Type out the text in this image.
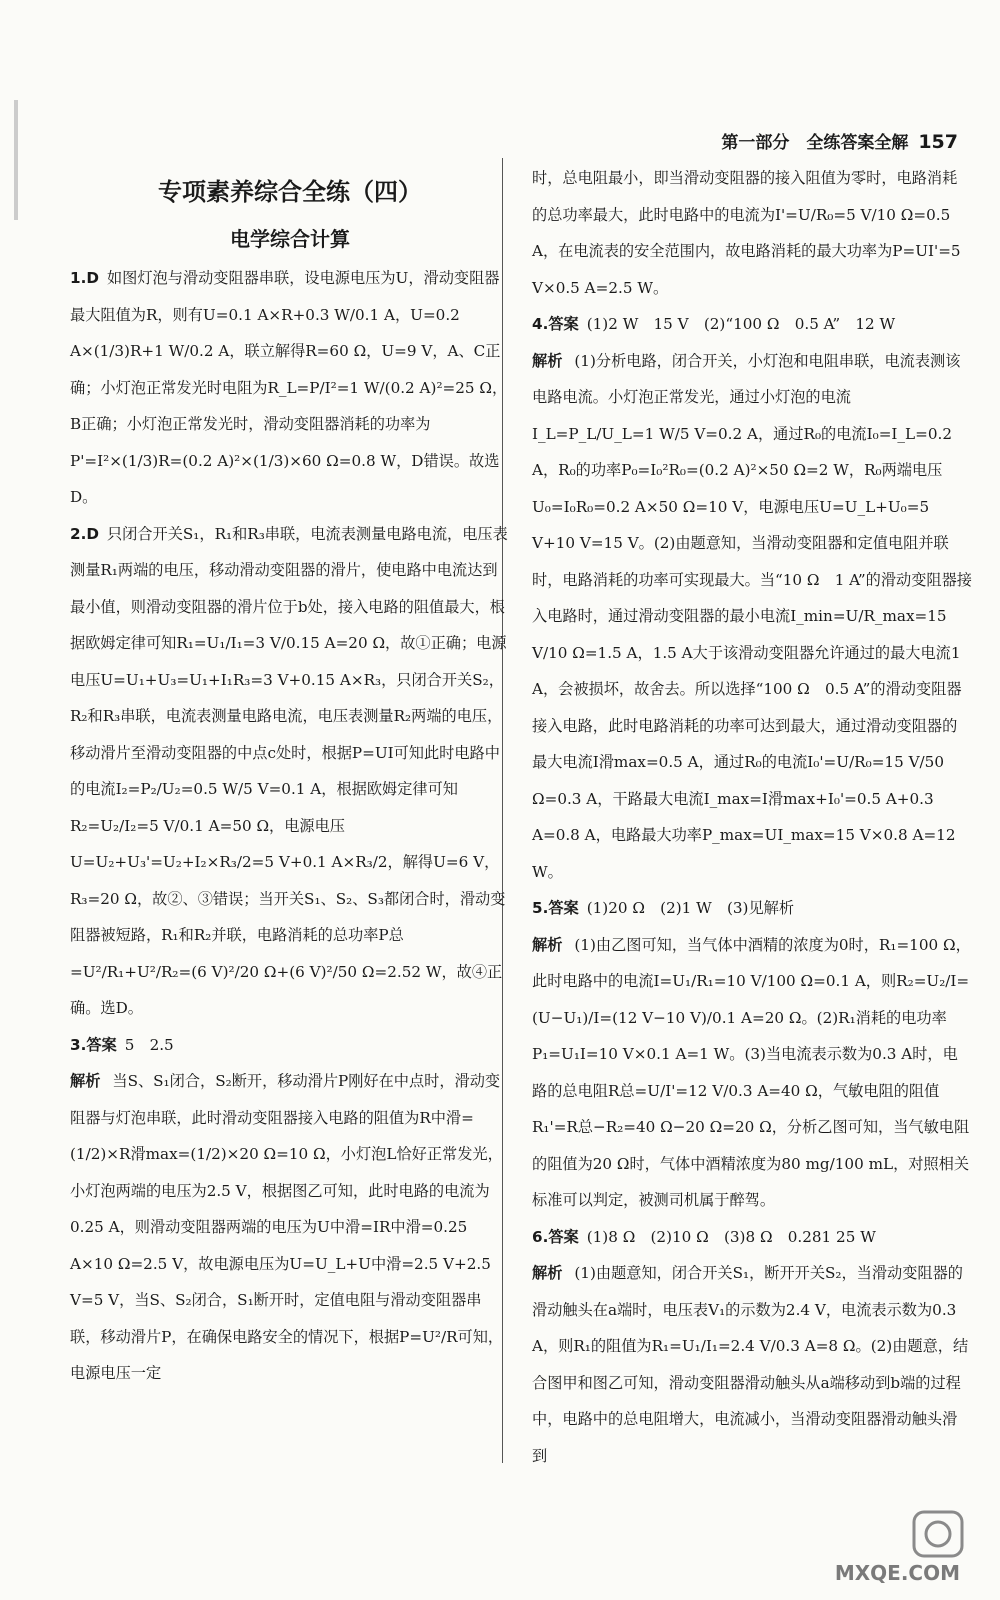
第一部分　全练答案全解 157
专项素养综合全练（四）
电学综合计算

1.D 如图灯泡与滑动变阻器串联，设电源电压为U，滑动变阻器最大阻值为R，则有U=0.1 A×R+0.3 W/0.1 A，U=0.2 A×(1/3)R+1 W/0.2 A，联立解得R=60 Ω，U=9 V，A、C正确；小灯泡正常发光时电阻为R_L=P/I²=1 W/(0.2 A)²=25 Ω，B正确；小灯泡正常发光时，滑动变阻器消耗的功率为P'=I²×(1/3)R=(0.2 A)²×(1/3)×60 Ω=0.8 W，D错误。故选D。

2.D 只闭合开关S₁，R₁和R₃串联，电流表测量电路电流，电压表测量R₁两端的电压，移动滑动变阻器的滑片，使电路中电流达到最小值，则滑动变阻器的滑片位于b处，接入电路的阻值最大，根据欧姆定律可知R₁=U₁/I₁=3 V/0.15 A=20 Ω，故①正确；电源电压U=U₁+U₃=U₁+I₁R₃=3 V+0.15 A×R₃，只闭合开关S₂，R₂和R₃串联，电流表测量电路电流，电压表测量R₂两端的电压，移动滑片至滑动变阻器的中点c处时，根据P=UI可知此时电路中的电流I₂=P₂/U₂=0.5 W/5 V=0.1 A，根据欧姆定律可知R₂=U₂/I₂=5 V/0.1 A=50 Ω，电源电压U=U₂+U₃'=U₂+I₂×R₃/2=5 V+0.1 A×R₃/2，解得U=6 V，R₃=20 Ω，故②、③错误；当开关S₁、S₂、S₃都闭合时，滑动变阻器被短路，R₁和R₂并联，电路消耗的总功率P总=U²/R₁+U²/R₂=(6 V)²/20 Ω+(6 V)²/50 Ω=2.52 W，故④正确。选D。

3.答案 5　2.5

解析 当S、S₁闭合，S₂断开，移动滑片P刚好在中点时，滑动变阻器与灯泡串联，此时滑动变阻器接入电路的阻值为R中滑=(1/2)×R滑max=(1/2)×20 Ω=10 Ω，小灯泡L恰好正常发光，小灯泡两端的电压为2.5 V，根据图乙可知，此时电路的电流为0.25 A，则滑动变阻器两端的电压为U中滑=IR中滑=0.25 A×10 Ω=2.5 V，故电源电压为U=U_L+U中滑=2.5 V+2.5 V=5 V，当S、S₂闭合，S₁断开时，定值电阻与滑动变阻器串联，移动滑片P，在确保电路安全的情况下，根据P=U²/R可知，电源电压一定

时，总电阻最小，即当滑动变阻器的接入阻值为零时，电路消耗的总功率最大，此时电路中的电流为I'=U/R₀=5 V/10 Ω=0.5 A，在电流表的安全范围内，故电路消耗的最大功率为P=UI'=5 V×0.5 A=2.5 W。

4.答案 (1)2 W　15 V　(2)“100 Ω　0.5 A”　12 W

解析 (1)分析电路，闭合开关，小灯泡和电阻串联，电流表测该电路电流。小灯泡正常发光，通过小灯泡的电流I_L=P_L/U_L=1 W/5 V=0.2 A，通过R₀的电流I₀=I_L=0.2 A，R₀的功率P₀=I₀²R₀=(0.2 A)²×50 Ω=2 W，R₀两端电压U₀=I₀R₀=0.2 A×50 Ω=10 V，电源电压U=U_L+U₀=5 V+10 V=15 V。(2)由题意知，当滑动变阻器和定值电阻并联时，电路消耗的功率可实现最大。当“10 Ω　1 A”的滑动变阻器接入电路时，通过滑动变阻器的最小电流I_min=U/R_max=15 V/10 Ω=1.5 A，1.5 A大于该滑动变阻器允许通过的最大电流1 A，会被损坏，故舍去。所以选择“100 Ω　0.5 A”的滑动变阻器接入电路，此时电路消耗的功率可达到最大，通过滑动变阻器的最大电流I滑max=0.5 A，通过R₀的电流I₀'=U/R₀=15 V/50 Ω=0.3 A，干路最大电流I_max=I滑max+I₀'=0.5 A+0.3 A=0.8 A，电路最大功率P_max=UI_max=15 V×0.8 A=12 W。

5.答案 (1)20 Ω　(2)1 W　(3)见解析

解析 (1)由乙图可知，当气体中酒精的浓度为0时，R₁=100 Ω，此时电路中的电流I=U₁/R₁=10 V/100 Ω=0.1 A，则R₂=U₂/I=(U−U₁)/I=(12 V−10 V)/0.1 A=20 Ω。(2)R₁消耗的电功率P₁=U₁I=10 V×0.1 A=1 W。(3)当电流表示数为0.3 A时，电路的总电阻R总=U/I'=12 V/0.3 A=40 Ω，气敏电阻的阻值R₁'=R总−R₂=40 Ω−20 Ω=20 Ω，分析乙图可知，当气敏电阻的阻值为20 Ω时，气体中酒精浓度为80 mg/100 mL，对照相关标准可以判定，被测司机属于醉驾。

6.答案 (1)8 Ω　(2)10 Ω　(3)8 Ω　0.281 25 W

解析 (1)由题意知，闭合开关S₁，断开开关S₂，当滑动变阻器的滑动触头在a端时，电压表V₁的示数为2.4 V，电流表示数为0.3 A，则R₁的阻值为R₁=U₁/I₁=2.4 V/0.3 A=8 Ω。(2)由题意，结合图甲和图乙可知，滑动变阻器滑动触头从a端移动到b端的过程中，电路中的总电阻增大，电流减小，当滑动变阻器滑动触头滑到

MXQE.COM
